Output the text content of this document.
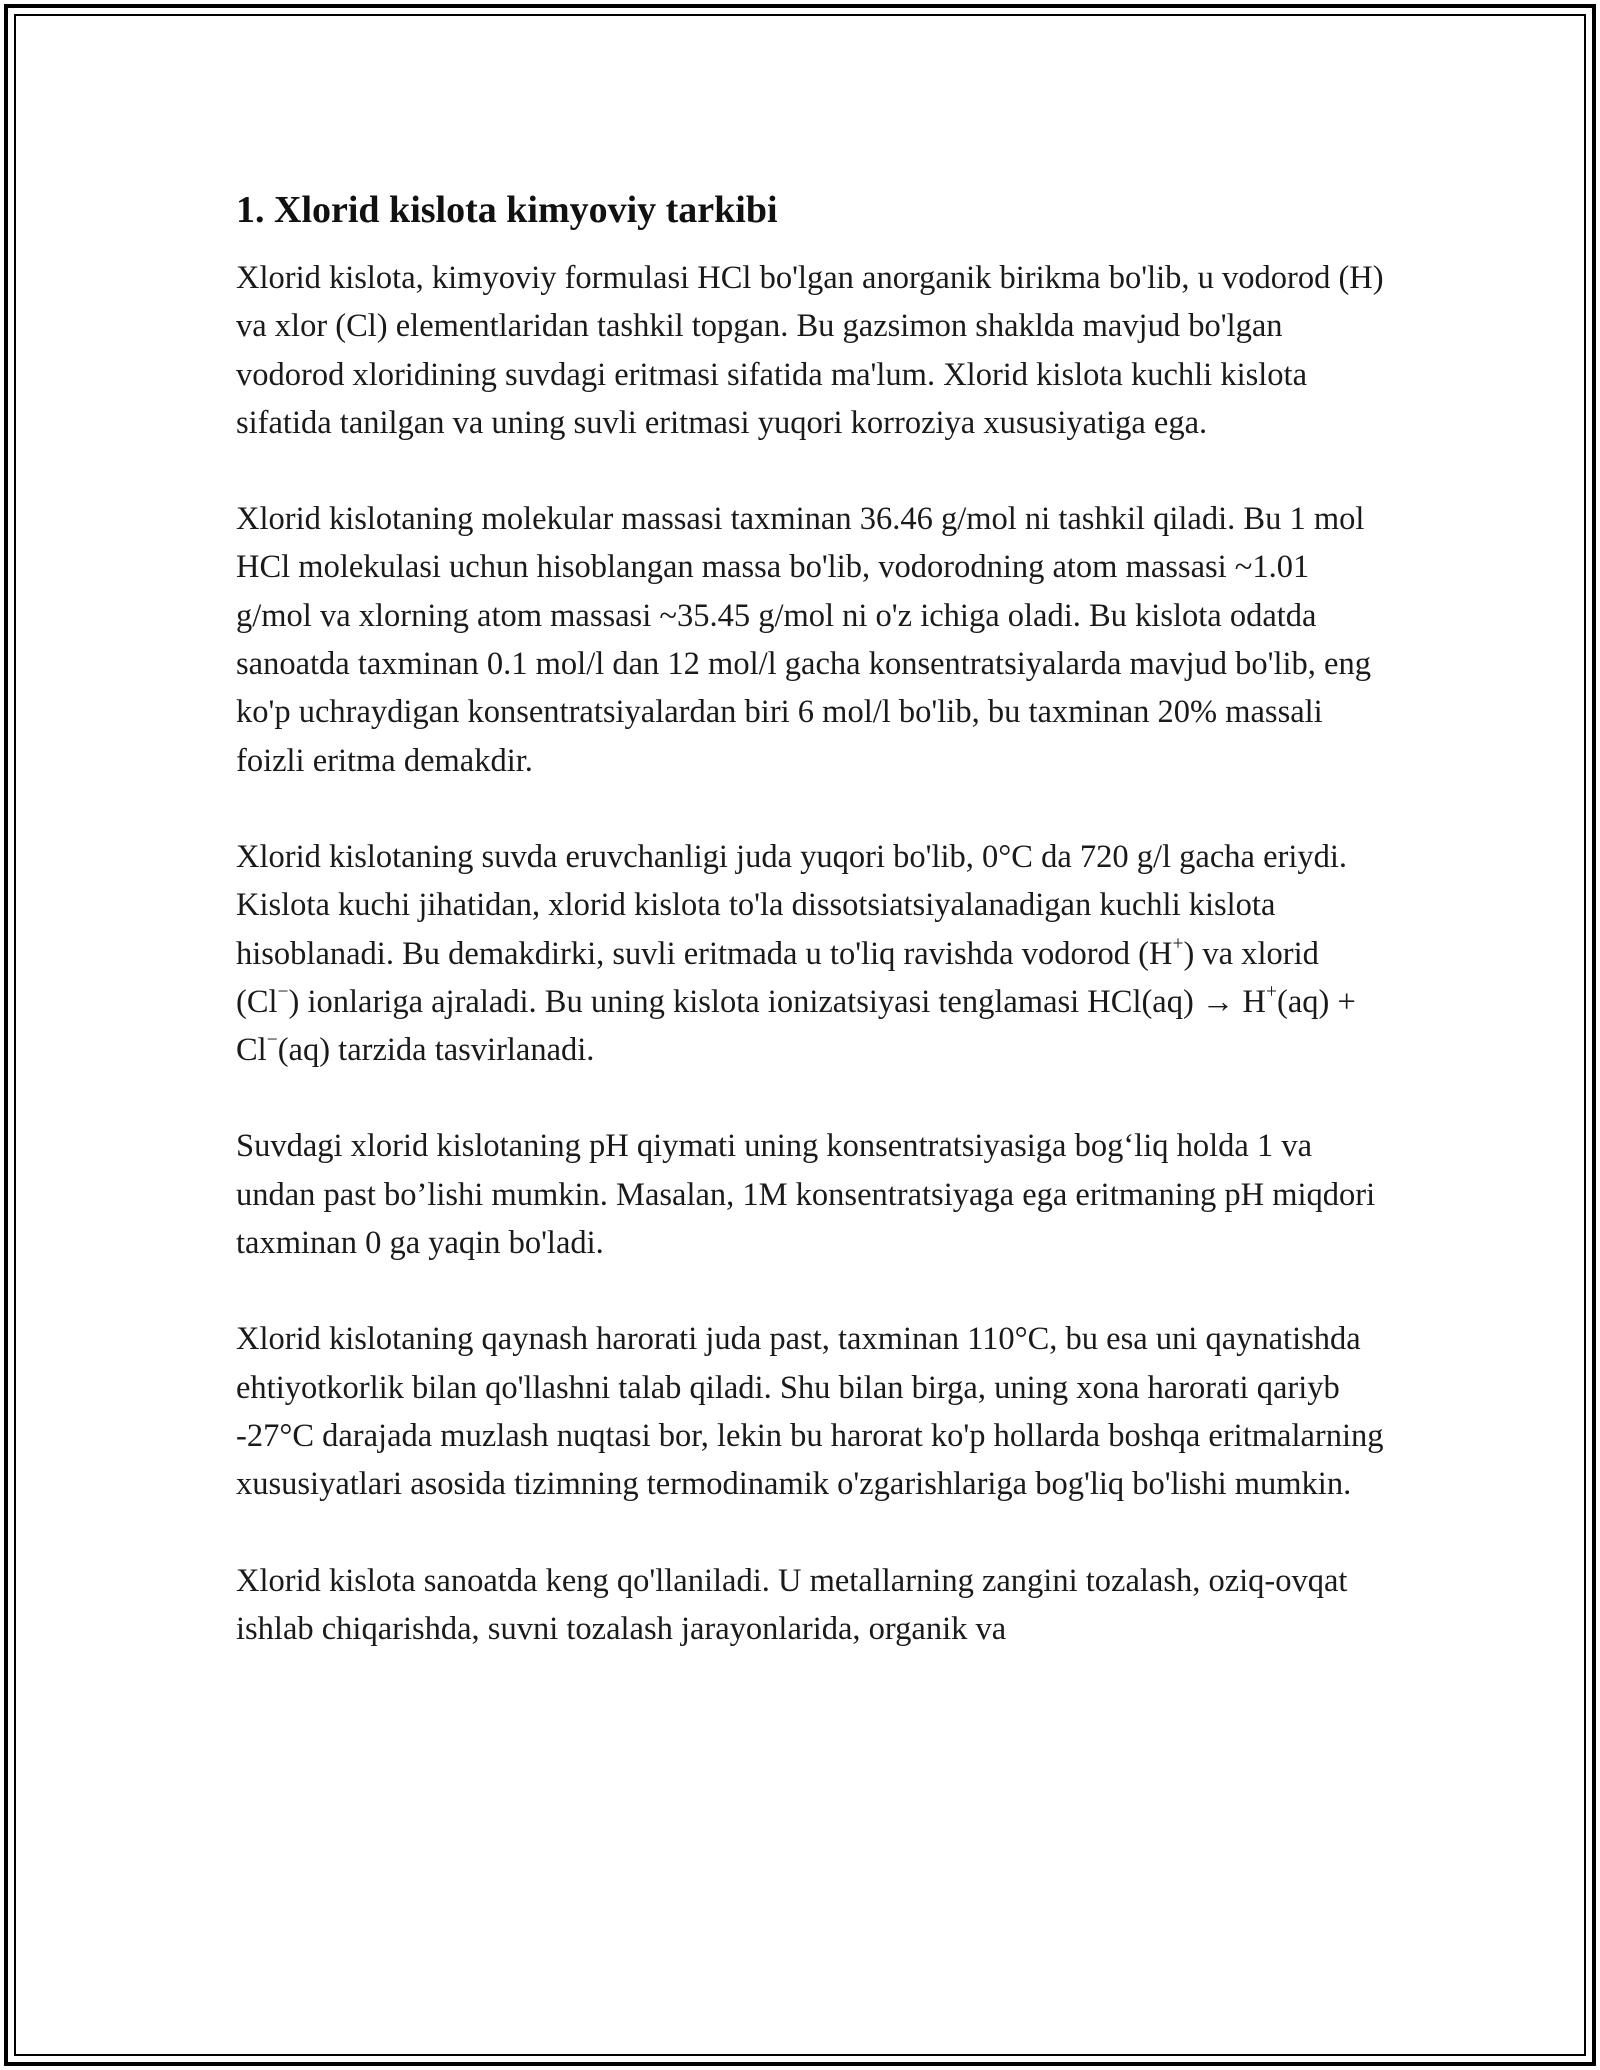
1. Xlorid kislota kimyoviy tarkibi

Xlorid kislota, kimyoviy formulasi HCl bo'lgan anorganik birikma bo'lib, u vodorod (H) va xlor (Cl) elementlaridan tashkil topgan. Bu gazsimon shaklda mavjud bo'lgan vodorod xloridining suvdagi eritmasi sifatida ma'lum. Xlorid kislota kuchli kislota sifatida tanilgan va uning suvli eritmasi yuqori korroziya xususiyatiga ega.

Xlorid kislotaning molekular massasi taxminan 36.46 g/mol ni tashkil qiladi. Bu 1 mol HCl molekulasi uchun hisoblangan massa bo'lib, vodorodning atom massasi ~1.01 g/mol va xlorning atom massasi ~35.45 g/mol ni o'z ichiga oladi. Bu kislota odatda sanoatda taxminan 0.1 mol/l dan 12 mol/l gacha konsentratsiyalarda mavjud bo'lib, eng ko'p uchraydigan konsentratsiyalardan biri 6 mol/l bo'lib, bu taxminan 20% massali foizli eritma demakdir.

Xlorid kislotaning suvda eruvchanligi juda yuqori bo'lib, 0°C da 720 g/l gacha eriydi. Kislota kuchi jihatidan, xlorid kislota to'la dissotsiatsiyalanadigan kuchli kislota hisoblanadi. Bu demakdirki, suvli eritmada u to'liq ravishda vodorod (H+) va xlorid (Cl−) ionlariga ajraladi. Bu uning kislota ionizatsiyasi tenglamasi HCl(aq) → H+(aq) + Cl−(aq) tarzida tasvirlanadi.

Suvdagi xlorid kislotaning pH qiymati uning konsentratsiyasiga bog‘liq holda 1 va undan past bo’lishi mumkin. Masalan, 1M konsentratsiyaga ega eritmaning pH miqdori taxminan 0 ga yaqin bo'ladi.

Xlorid kislotaning qaynash harorati juda past, taxminan 110°C, bu esa uni qaynatishda ehtiyotkorlik bilan qo'llashni talab qiladi. Shu bilan birga, uning xona harorati qariyb -27°C darajada muzlash nuqtasi bor, lekin bu harorat ko'p hollarda boshqa eritmalarning xususiyatlari asosida tizimning termodinamik o'zgarishlariga bog'liq bo'lishi mumkin.

Xlorid kislota sanoatda keng qo'llaniladi. U metallarning zangini tozalash, oziq-ovqat ishlab chiqarishda, suvni tozalash jarayonlarida, organik va
